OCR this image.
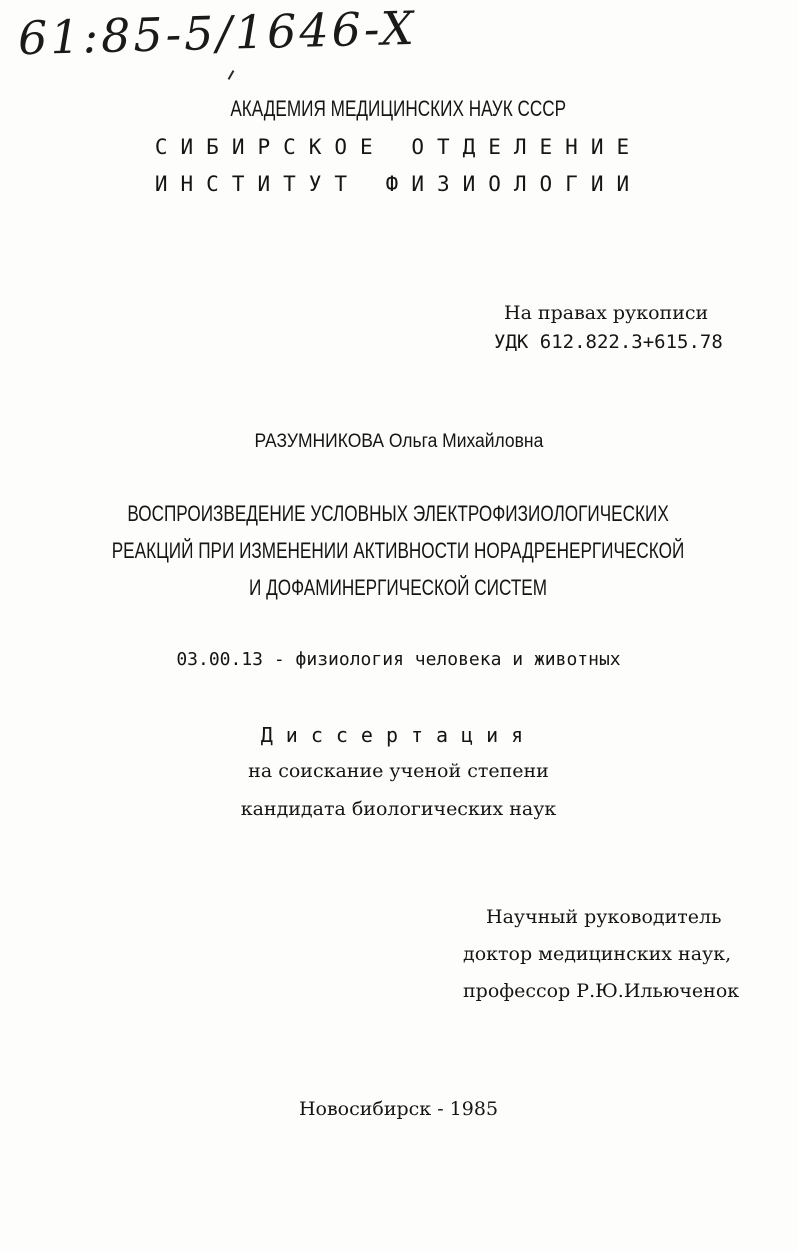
61:85-5/1646-X
АКАДЕМИЯ МЕДИЦИНСКИХ НАУК СССР
СИБИРСКОЕ ОТДЕЛЕНИЕ
ИНСТИТУТ ФИЗИОЛОГИИ
На правах рукописи
УДК 612.822.3+615.78
РАЗУМНИКОВА Ольга Михайловна
ВОСПРОИЗВЕДЕНИЕ УСЛОВНЫХ ЭЛЕКТРОФИЗИОЛОГИЧЕСКИХ
РЕАКЦИЙ ПРИ ИЗМЕНЕНИИ АКТИВНОСТИ НОРАДРЕНЕРГИЧЕСКОЙ
И ДОФАМИНЕРГИЧЕСКОЙ СИСТЕМ
03.00.13 - физиология человека и животных
Диссертация
на соискание ученой степени
кандидата биологических наук
Научный руководитель
доктор медицинских наук,
профессор Р.Ю.Ильюченок
Новосибирск - 1985
